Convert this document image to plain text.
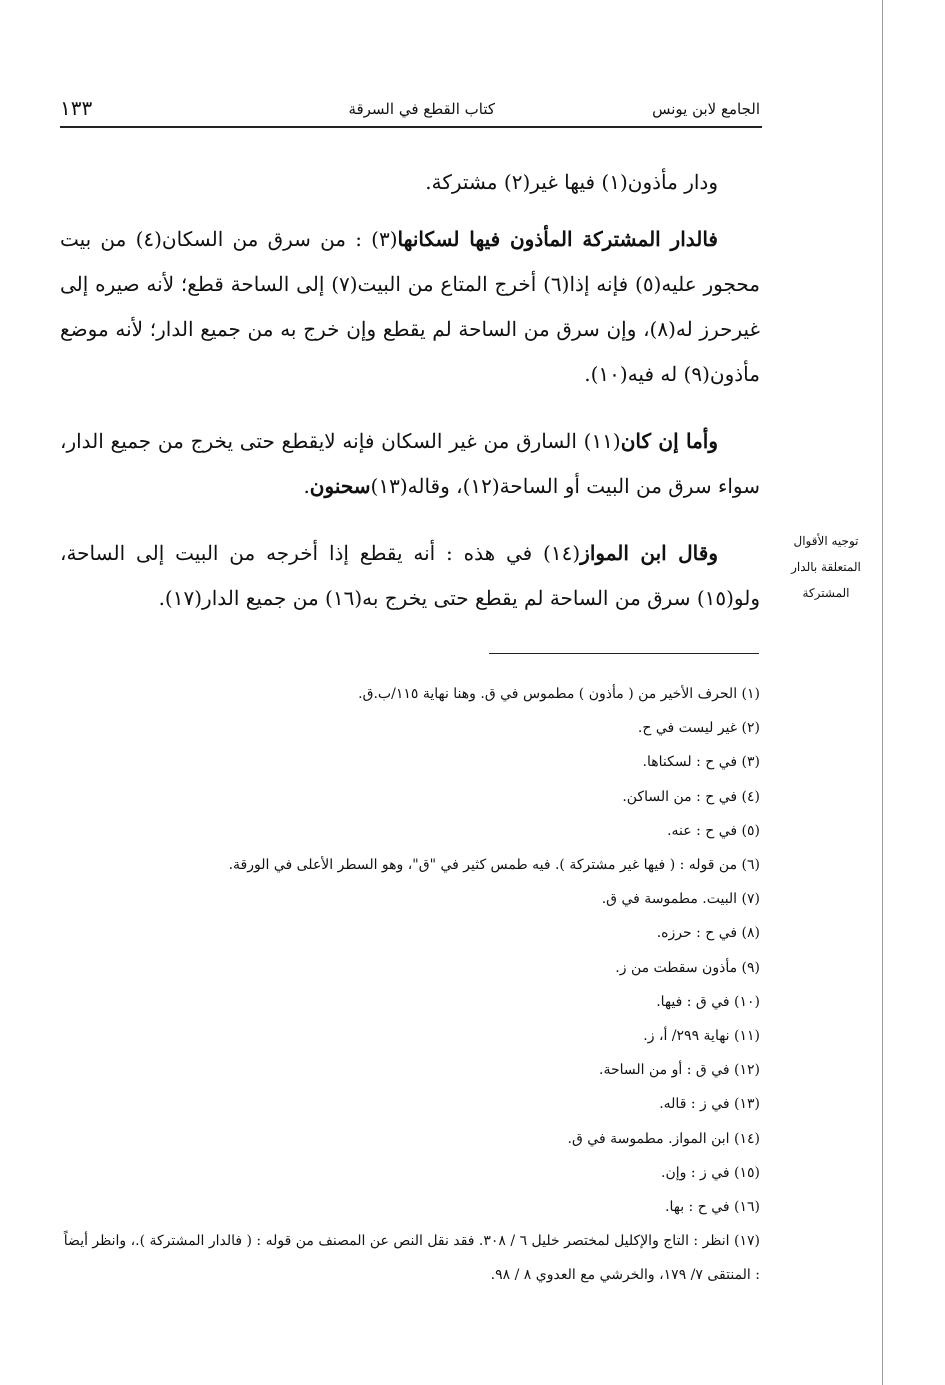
الجامع لابن يونس
كتاب القطع في السرقة
١٣٣

ودار مأذون(١) فيها غير(٢) مشتركة.

فالدار المشتركة المأذون فيها لسكانها(٣) : من سرق من السكان(٤) من بيت محجور عليه(٥) فإنه إذا(٦) أخرج المتاع من البيت(٧) إلى الساحة قطع؛ لأنه صيره إلى غيرحرز له(٨)، وإن سرق من الساحة لم يقطع وإن خرج به من جميع الدار؛ لأنه موضع مأذون(٩) له فيه(١٠).

وأما إن كان(١١) السارق من غير السكان فإنه لايقطع حتى يخرج من جميع الدار، سواء سرق من البيت أو الساحة(١٢)، وقاله(١٣)سحنون.

وقال ابن المواز(١٤) في هذه : أنه يقطع إذا أخرجه من البيت إلى الساحة، ولو(١٥) سرق من الساحة لم يقطع حتى يخرج به(١٦) من جميع الدار(١٧).

توجيه الأقوال المتعلقة بالدار المشتركة

(١) الحرف الأخير من ( مأذون ) مطموس في ق. وهنا نهاية ١١٥/ب.ق.

(٢) غير ليست في ح.

(٣) في ح : لسكناها.

(٤) في ح : من الساكن.

(٥) في ح : عنه.

(٦) من قوله : ( فيها غير مشتركة ). فيه طمس كثير في "ق"، وهو السطر الأعلى في الورقة.

(٧) البيت. مطموسة في ق.

(٨) في ح : حرزه.

(٩) مأذون سقطت من ز.

(١٠) في ق : فيها.

(١١) نهاية ٢٩٩/ أ، ز.

(١٢) في ق : أو من الساحة.

(١٣) في ز : قاله.

(١٤) ابن المواز. مطموسة في ق.

(١٥) في ز : وإن.

(١٦) في ح : بها.

(١٧) انظر : التاج والإكليل لمختصر خليل ٦ / ٣٠٨. فقد نقل النص عن المصنف من قوله : ( فالدار المشتركة ).، وانظر أيضاً : المنتقى ٧/ ١٧٩، والخرشي مع العدوي ٨ / ٩٨.
